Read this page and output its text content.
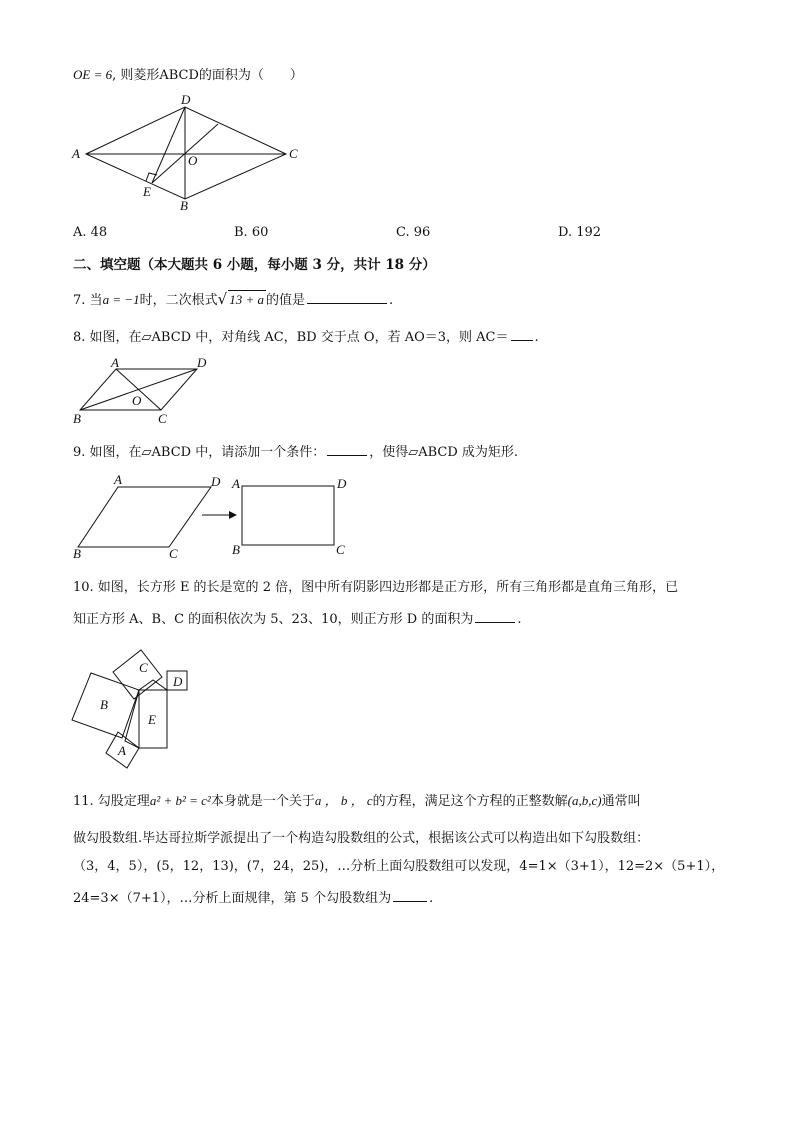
OE = 6, 则菱形ABCD的面积为（　　）
A
D
C
B
O
E
A. 48	B. 60	C. 96	D. 192
二、填空题（本大题共 6 小题，每小题 3 分，共计 18 分）
7. 当a = −1时，二次根式√ 13 + a 的值是	.
8. 如图，在▱ABCD 中，对角线 AC，BD 交于点 O，若 AO＝3，则 AC＝ .
A	D
B	C
O
9. 如图，在▱ABCD 中，请添加一个条件：	，使得▱ABCD 成为矩形.
A	D
B	C
A	D
B	C
10. 如图，长方形 E 的长是宽的 2 倍，图中所有阴影四边形都是正方形，所有三角形都是直角三角形，已
知正方形 A、B、C 的面积依次为 5、23、10，则正方形 D 的面积为	.
C
D
B
E
A
11. 勾股定理a² + b² = c²本身就是一个关于a ， b ， c的方程，满足这个方程的正整数解(a,b,c)通常叫
做勾股数组.毕达哥拉斯学派提出了一个构造勾股数组的公式，根据该公式可以构造出如下勾股数组：
（3，4，5），(5，12，13)，(7，24，25)，…分析上面勾股数组可以发现，4=1×（3+1），12=2×（5+1），
24=3×（7+1），…分析上面规律，第 5 个勾股数组为	.
